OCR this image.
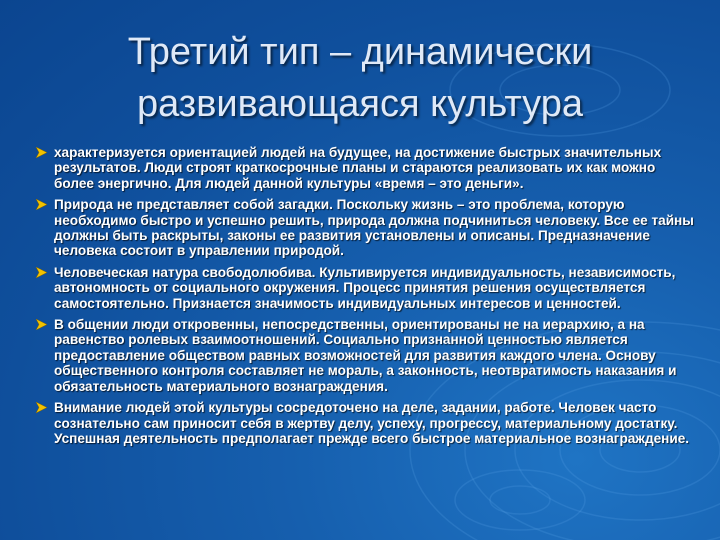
Третий тип – динамически
развивающаяся культура
характеризуется ориентацией людей на будущее, на достижение быстрых значительных результатов. Люди строят краткосрочные планы и стараются реализовать их как можно более энергично. Для людей данной культуры «время – это деньги».
Природа не представляет собой загадки. Поскольку жизнь – это проблема, которую необходимо быстро и успешно решить, природа должна подчиниться человеку. Все ее тайны должны быть раскрыты, законы ее развития установлены и описаны. Предназначение человека состоит в управлении природой.
Человеческая натура свободолюбива. Культивируется индивидуальность, независимость, автономность от социального окружения. Процесс принятия решения осуществляется самостоятельно. Признается значимость индивидуальных интересов и ценностей.
В общении люди откровенны, непосредственны, ориентированы не на иерархию, а на равенство ролевых взаимоотношений. Социально признанной ценностью является предоставление обществом равных возможностей для развития каждого члена. Основу общественного контроля составляет не мораль, а законность, неотвратимость наказания и обязательность материального вознаграждения.
Внимание людей этой культуры сосредоточено на деле, задании, работе. Человек часто сознательно сам приносит себя в жертву делу, успеху, прогрессу, материальному достатку. Успешная деятельность предполагает прежде всего быстрое материальное вознаграждение.
